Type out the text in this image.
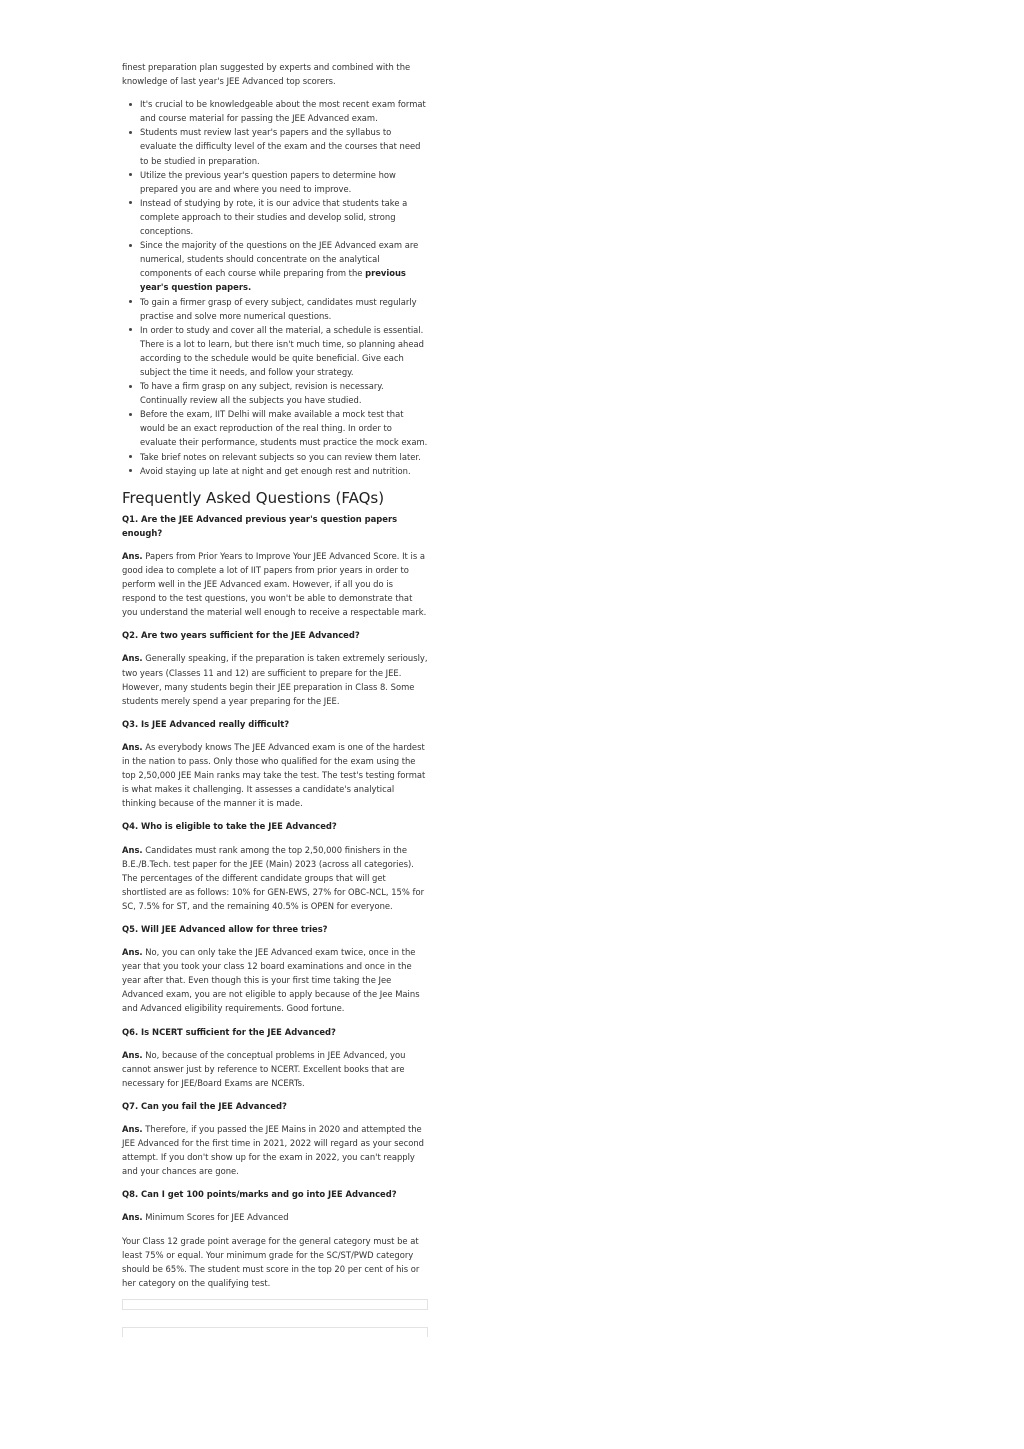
finest preparation plan suggested by experts and combined with the knowledge of last year's JEE Advanced top scorers.

It's crucial to be knowledgeable about the most recent exam format and course material for passing the JEE Advanced exam.
Students must review last year's papers and the syllabus to evaluate the difficulty level of the exam and the courses that need to be studied in preparation.
Utilize the previous year's question papers to determine how prepared you are and where you need to improve.
Instead of studying by rote, it is our advice that students take a complete approach to their studies and develop solid, strong conceptions.
Since the majority of the questions on the JEE Advanced exam are numerical, students should concentrate on the analytical components of each course while preparing from the previous year's question papers.
To gain a firmer grasp of every subject, candidates must regularly practise and solve more numerical questions.
In order to study and cover all the material, a schedule is essential. There is a lot to learn, but there isn't much time, so planning ahead according to the schedule would be quite beneficial. Give each subject the time it needs, and follow your strategy.
To have a firm grasp on any subject, revision is necessary. Continually review all the subjects you have studied.
Before the exam, IIT Delhi will make available a mock test that would be an exact reproduction of the real thing. In order to evaluate their performance, students must practice the mock exam.
Take brief notes on relevant subjects so you can review them later.
Avoid staying up late at night and get enough rest and nutrition.
Frequently Asked Questions (FAQs)

Q1. Are the JEE Advanced previous year's question papers enough?

Ans. Papers from Prior Years to Improve Your JEE Advanced Score. It is a good idea to complete a lot of IIT papers from prior years in order to perform well in the JEE Advanced exam. However, if all you do is respond to the test questions, you won't be able to demonstrate that you understand the material well enough to receive a respectable mark.

Q2. Are two years sufficient for the JEE Advanced?

Ans. Generally speaking, if the preparation is taken extremely seriously, two years (Classes 11 and 12) are sufficient to prepare for the JEE. However, many students begin their JEE preparation in Class 8. Some students merely spend a year preparing for the JEE.

Q3. Is JEE Advanced really difficult?

Ans. As everybody knows The JEE Advanced exam is one of the hardest in the nation to pass. Only those who qualified for the exam using the top 2,50,000 JEE Main ranks may take the test. The test's testing format is what makes it challenging. It assesses a candidate's analytical thinking because of the manner it is made.

Q4. Who is eligible to take the JEE Advanced?

Ans. Candidates must rank among the top 2,50,000 finishers in the B.E./B.Tech. test paper for the JEE (Main) 2023 (across all categories). The percentages of the different candidate groups that will get shortlisted are as follows: 10% for GEN-EWS, 27% for OBC-NCL, 15% for SC, 7.5% for ST, and the remaining 40.5% is OPEN for everyone.

Q5. Will JEE Advanced allow for three tries?

Ans. No, you can only take the JEE Advanced exam twice, once in the year that you took your class 12 board examinations and once in the year after that. Even though this is your first time taking the Jee Advanced exam, you are not eligible to apply because of the Jee Mains and Advanced eligibility requirements. Good fortune.

Q6. Is NCERT sufficient for the JEE Advanced?

Ans. No, because of the conceptual problems in JEE Advanced, you cannot answer just by reference to NCERT. Excellent books that are necessary for JEE/Board Exams are NCERTs.

Q7. Can you fail the JEE Advanced?

Ans. Therefore, if you passed the JEE Mains in 2020 and attempted the JEE Advanced for the first time in 2021, 2022 will regard as your second attempt. If you don't show up for the exam in 2022, you can't reapply and your chances are gone.

Q8. Can I get 100 points/marks and go into JEE Advanced?

Ans. Minimum Scores for JEE Advanced

Your Class 12 grade point average for the general category must be at least 75% or equal. Your minimum grade for the SC/ST/PWD category should be 65%. The student must score in the top 20 per cent of his or her category on the qualifying test.
